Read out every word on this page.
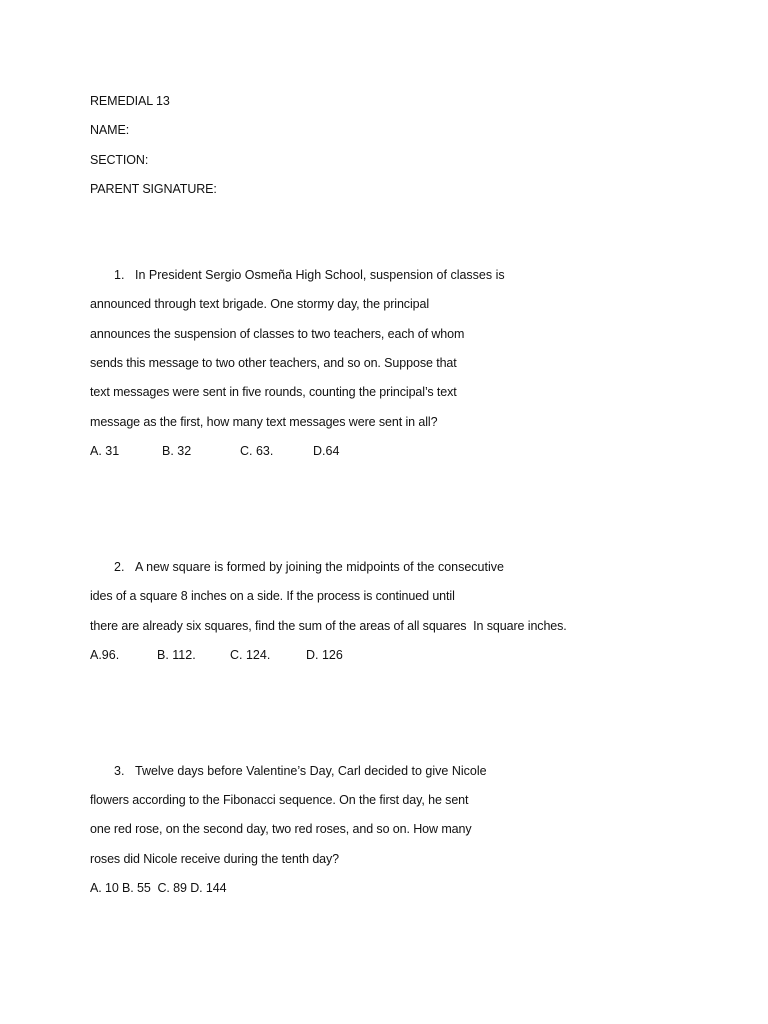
REMEDIAL 13
NAME:
SECTION:
PARENT SIGNATURE:
1. In President Sergio Osmeña High School, suspension of classes is
announced through text brigade. One stormy day, the principal
announces the suspension of classes to two teachers, each of whom
sends this message to two other teachers, and so on. Suppose that
text messages were sent in five rounds, counting the principal’s text
message as the first, how many text messages were sent in all?
A. 31	B. 32	C. 63.	D.64
2. A new square is formed by joining the midpoints of the consecutive
ides of a square 8 inches on a side. If the process is continued until
there are already six squares, find the sum of the areas of all squares  In square inches.
A.96.	B. 112.	C. 124.	D. 126
3. Twelve days before Valentine’s Day, Carl decided to give Nicole
flowers according to the Fibonacci sequence. On the first day, he sent
one red rose, on the second day, two red roses, and so on. How many
roses did Nicole receive during the tenth day?
A. 10 B. 55  C. 89 D. 144
